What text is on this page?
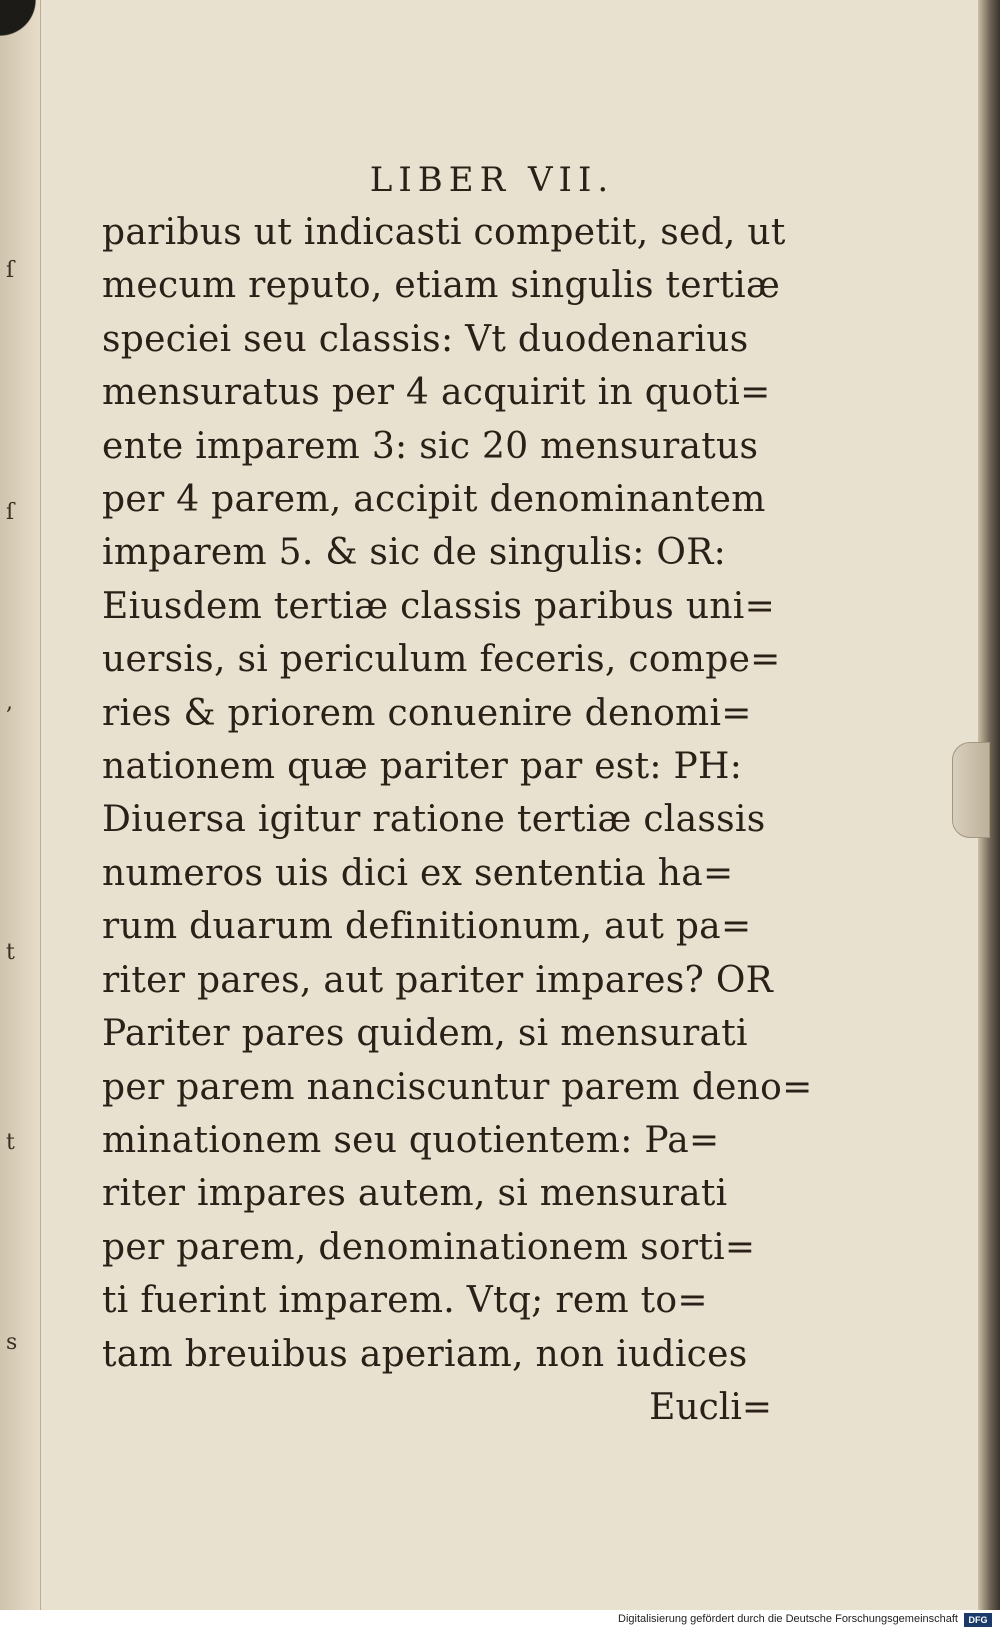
ſ
ſ
,
t
t
s
LIBER VII.
paribus ut indicasti competit, sed, ut
mecum reputo, etiam singulis tertiæ
speciei seu classis: Vt duodenarius
mensuratus per 4 acquirit in quoti=
ente imparem 3: sic 20 mensuratus
per 4 parem, accipit denominantem
imparem 5. & sic de singulis: OR:
Eiusdem tertiæ classis paribus uni=
uersis, si periculum feceris, compe=
ries & priorem conuenire denomi=
nationem quæ pariter par est: PH:
Diuersa igitur ratione tertiæ classis
numeros uis dici ex sententia ha=
rum duarum definitionum, aut pa=
riter pares, aut pariter impares? OR
Pariter pares quidem, si mensurati
per parem nanciscuntur parem deno=
minationem seu quotientem: Pa=
riter impares autem, si mensurati
per parem, denominationem sorti=
ti fuerint imparem. Vtq; rem to=
tam breuibus aperiam, non iudices
Eucli=
Digitalisierung gefördert durch die Deutsche Forschungsgemeinschaft	DFG
